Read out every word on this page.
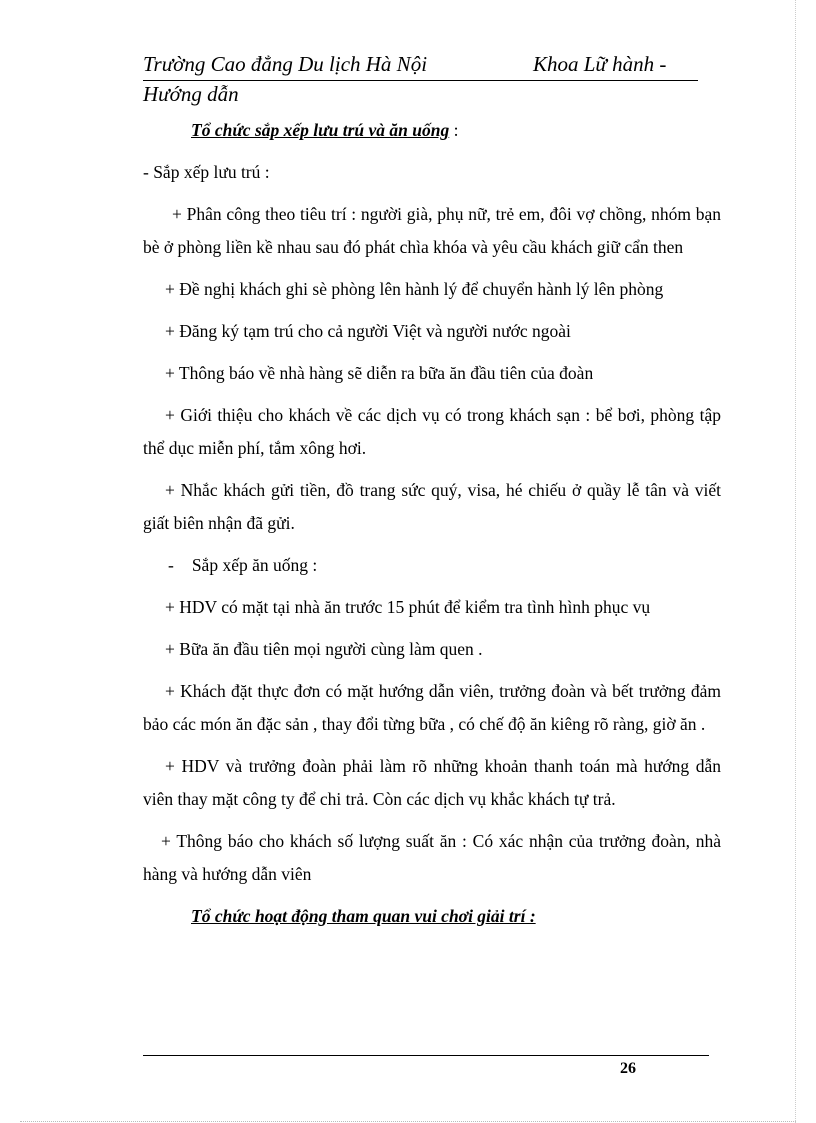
Trường Cao đẳng Du lịch Hà Nội	Khoa Lữ hành -
Hướng dẫn

Tổ chức sắp xếp lưu trú và ăn uống :

- Sắp xếp lưu trú :

+ Phân công theo tiêu trí : người già, phụ nữ, trẻ em, đôi vợ chồng, nhóm bạn bè ở phòng liền kề nhau sau đó phát chìa khóa và yêu cầu khách giữ cẩn then

+ Đề nghị khách ghi sè phòng lên hành lý để chuyển hành lý lên phòng

+ Đăng ký tạm trú cho cả người Việt và người nước ngoài

+ Thông báo về nhà hàng sẽ diễn ra bữa ăn đầu tiên của đoàn

+ Giới thiệu cho khách về các dịch vụ có trong khách sạn : bể bơi, phòng tập thể dục miễn phí, tắm xông hơi.

+ Nhắc khách gửi tiền, đồ trang sức quý, visa, hé chiếu ở quầy lễ tân và viết giất biên nhận đã gửi.

- Sắp xếp ăn uống :

+ HDV có mặt tại nhà ăn trước 15 phút để kiểm tra tình hình phục vụ

+ Bữa ăn đầu tiên mọi người cùng làm quen .

+ Khách đặt thực đơn có mặt hướng dẫn viên, trưởng đoàn và bết trưởng đảm bảo các món ăn đặc sản , thay đổi từng bữa , có chế độ ăn kiêng rõ ràng, giờ ăn .

+ HDV và trưởng đoàn phải làm rõ những khoản thanh toán mà hướng dẫn viên thay mặt công ty để chi trả. Còn các dịch vụ khắc khách tự trả.

+ Thông báo cho khách số lượng suất ăn : Có xác nhận của trưởng đoàn, nhà hàng và hướng dẫn viên

Tổ chức hoạt động tham quan vui chơi giải trí :

26
